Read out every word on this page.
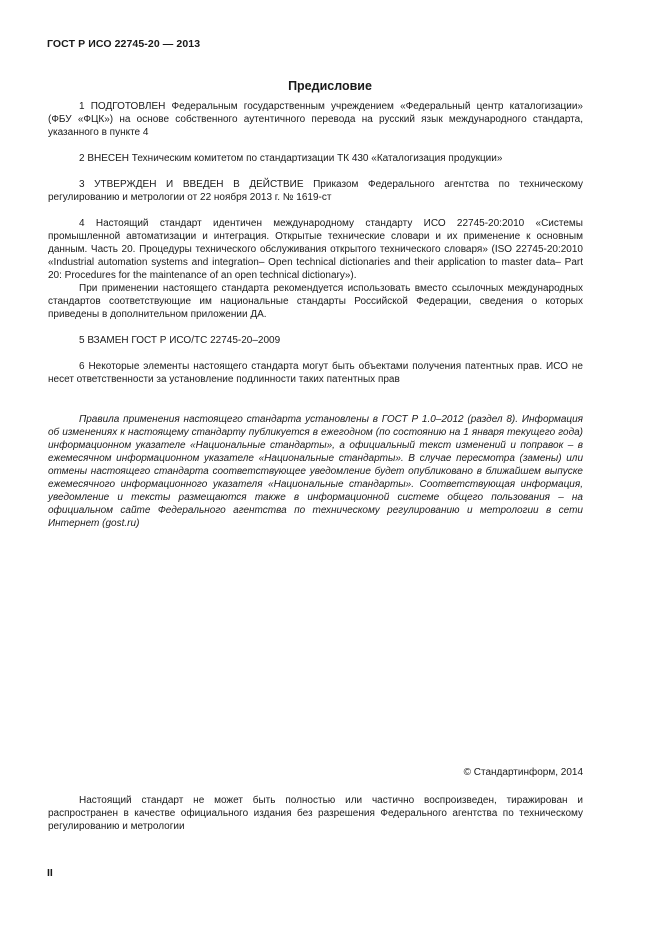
ГОСТ Р ИСО 22745-20 — 2013
Предисловие

1 ПОДГОТОВЛЕН Федеральным государственным учреждением «Федеральный центр каталогизации» (ФБУ «ФЦК») на основе собственного аутентичного перевода на русский язык международного стандарта, указанного в пункте 4

2 ВНЕСЕН Техническим комитетом по стандартизации ТК 430 «Каталогизация продукции»

3 УТВЕРЖДЕН И ВВЕДЕН В ДЕЙСТВИЕ Приказом Федерального агентства по техническому регулированию и метрологии от 22 ноября 2013 г. № 1619-ст

4 Настоящий стандарт идентичен международному стандарту ИСО 22745-20:2010 «Системы промышленной автоматизации и интеграция. Открытые технические словари и их применение к основным данным. Часть 20. Процедуры технического обслуживания открытого технического словаря» (ISO 22745-20:2010 «Industrial automation systems and integration– Open technical dictionaries and their application to master data– Part 20: Procedures for the maintenance of an open technical dictionary»).

При применении настоящего стандарта рекомендуется использовать вместо ссылочных международных стандартов соответствующие им национальные стандарты Российской Федерации, сведения о которых приведены в дополнительном приложении ДА.

5 ВЗАМЕН ГОСТ Р ИСО/ТС 22745-20–2009

6 Некоторые элементы настоящего стандарта могут быть объектами получения патентных прав. ИСО не несет ответственности за установление подлинности таких патентных прав

Правила применения настоящего стандарта установлены в ГОСТ Р 1.0–2012 (раздел 8). Информация об изменениях к настоящему стандарту публикуется в ежегодном (по состоянию на 1 января текущего года) информационном указателе «Национальные стандарты», а официальный текст изменений и поправок – в ежемесячном информационном указателе «Национальные стандарты». В случае пересмотра (замены) или отмены настоящего стандарта соответствующее уведомление будет опубликовано в ближайшем выпуске ежемесячного информационного указателя «Национальные стандарты». Соответствующая информация, уведомление и тексты размещаются также в информационной системе общего пользования – на официальном сайте Федерального агентства по техническому регулированию и метрологии в сети Интернет (gost.ru)

© Стандартинформ, 2014

Настоящий стандарт не может быть полностью или частично воспроизведен, тиражирован и распространен в качестве официального издания без разрешения Федерального агентства по техническому регулированию и метрологии

II
